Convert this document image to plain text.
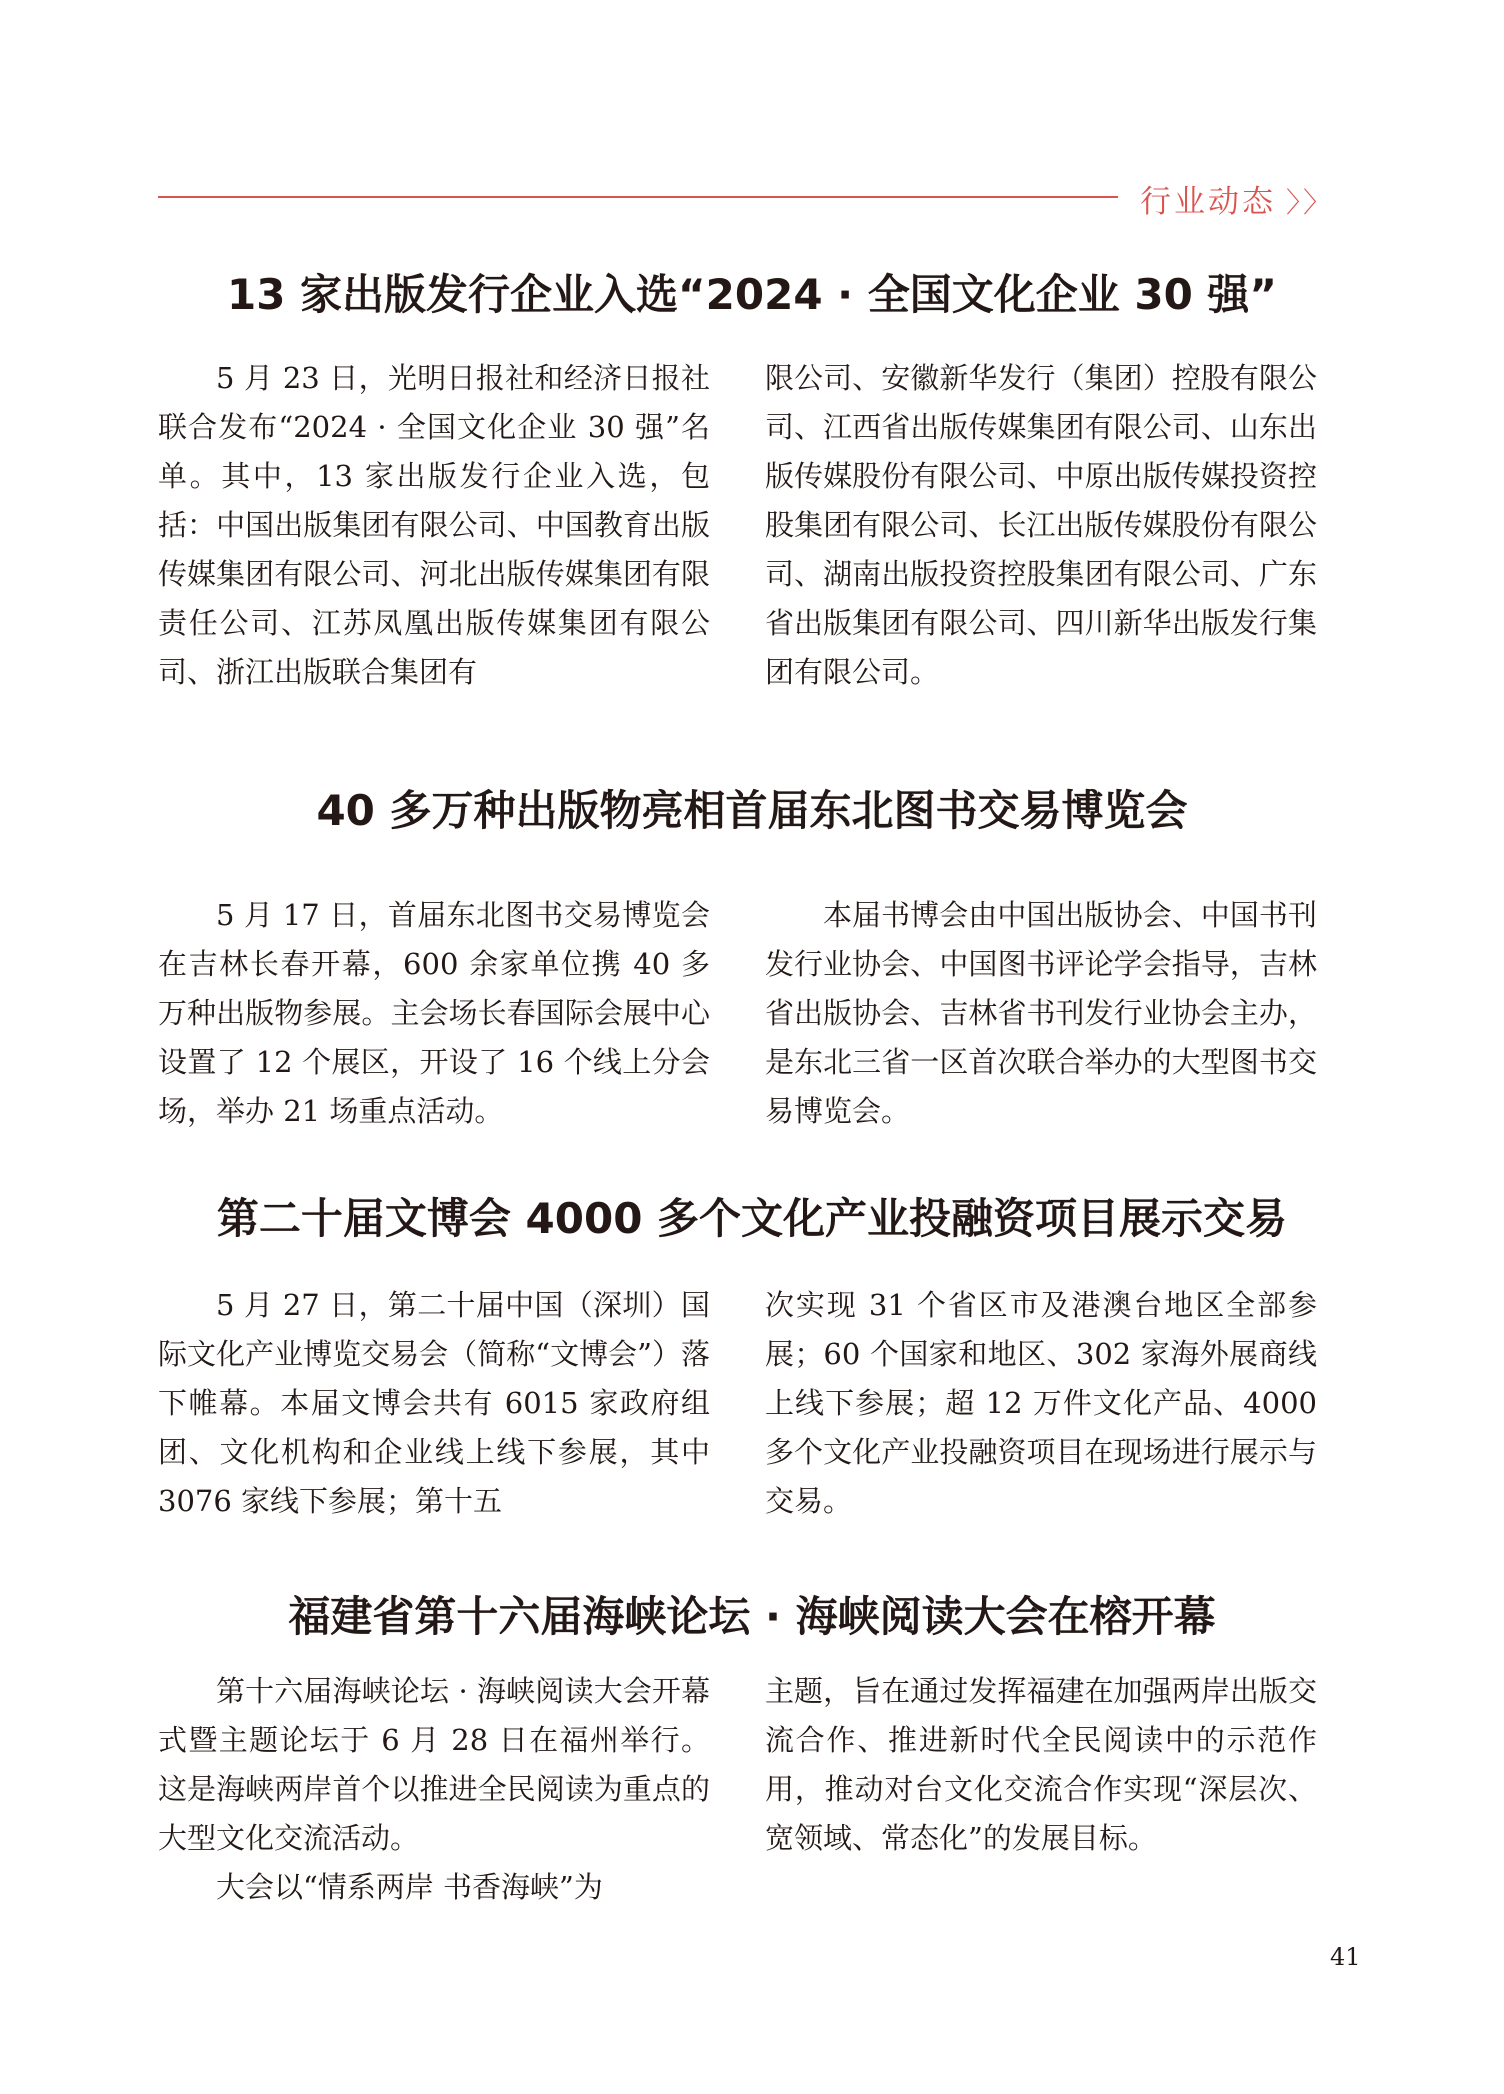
行业动态 〉〉
13 家出版发行企业入选“2024 · 全国文化企业 30 强”

5 月 23 日，光明日报社和经济日报社联合发布“2024 · 全国文化企业 30 强”名单。其中，13 家出版发行企业入选，包括：中国出版集团有限公司、中国教育出版传媒集团有限公司、河北出版传媒集团有限责任公司、江苏凤凰出版传媒集团有限公司、浙江出版联合集团有

限公司、安徽新华发行（集团）控股有限公司、江西省出版传媒集团有限公司、山东出版传媒股份有限公司、中原出版传媒投资控股集团有限公司、长江出版传媒股份有限公司、湖南出版投资控股集团有限公司、广东省出版集团有限公司、四川新华出版发行集团有限公司。

40 多万种出版物亮相首届东北图书交易博览会

5 月 17 日，首届东北图书交易博览会在吉林长春开幕，600 余家单位携 40 多万种出版物参展。主会场长春国际会展中心设置了 12 个展区，开设了 16 个线上分会场，举办 21 场重点活动。

本届书博会由中国出版协会、中国书刊发行业协会、中国图书评论学会指导，吉林省出版协会、吉林省书刊发行业协会主办，是东北三省一区首次联合举办的大型图书交易博览会。

第二十届文博会 4000 多个文化产业投融资项目展示交易

5 月 27 日，第二十届中国（深圳）国际文化产业博览交易会（简称“文博会”）落下帷幕。本届文博会共有 6015 家政府组团、文化机构和企业线上线下参展，其中 3076 家线下参展；第十五

次实现 31 个省区市及港澳台地区全部参展；60 个国家和地区、302 家海外展商线上线下参展；超 12 万件文化产品、4000 多个文化产业投融资项目在现场进行展示与交易。

福建省第十六届海峡论坛 · 海峡阅读大会在榕开幕

第十六届海峡论坛 · 海峡阅读大会开幕式暨主题论坛于 6 月 28 日在福州举行。这是海峡两岸首个以推进全民阅读为重点的大型文化交流活动。

大会以“情系两岸 书香海峡”为

主题，旨在通过发挥福建在加强两岸出版交流合作、推进新时代全民阅读中的示范作用，推动对台文化交流合作实现“深层次、宽领域、常态化”的发展目标。

41
